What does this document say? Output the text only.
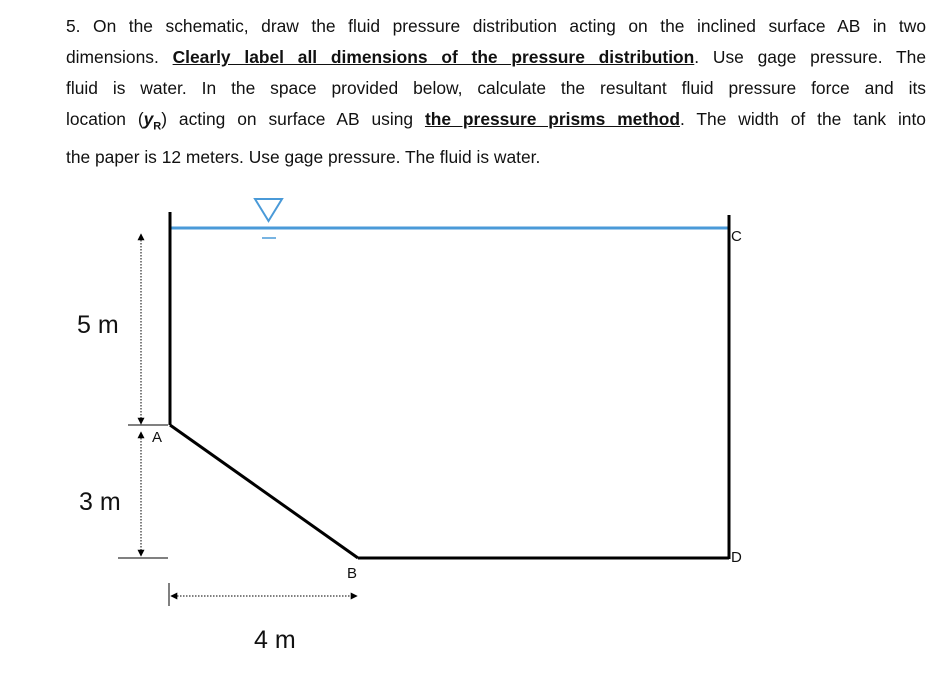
5. On the schematic, draw the fluid pressure distribution acting on the inclined surface AB in two
dimensions. Clearly label all dimensions of the pressure distribution. Use gage pressure. The
fluid is water. In the space provided below, calculate the resultant fluid pressure force and its
location $(y_R)$ acting on surface AB using the pressure prisms method. The width of the tank into
the paper is 12 meters. Use gage pressure. The fluid is water.
5 m
3 m
4 m
A
B
C
D
